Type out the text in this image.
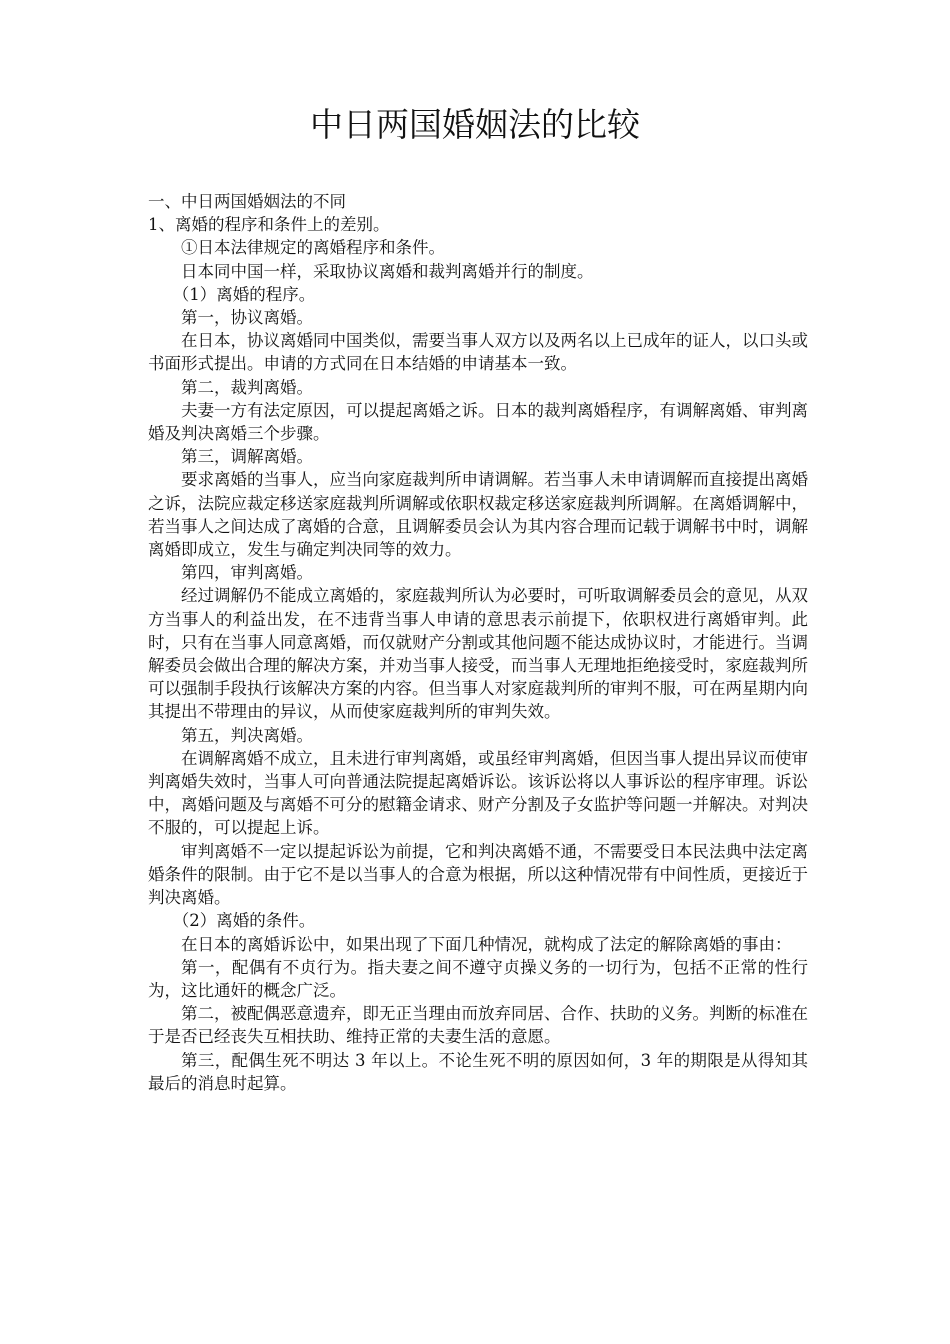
中日两国婚姻法的比较

一、中日两国婚姻法的不同

1、离婚的程序和条件上的差别。

①日本法律规定的离婚程序和条件。

日本同中国一样，采取协议离婚和裁判离婚并行的制度。

（1）离婚的程序。

第一，协议离婚。

在日本，协议离婚同中国类似，需要当事人双方以及两名以上已成年的证人，以口头或书面形式提出。申请的方式同在日本结婚的申请基本一致。

第二，裁判离婚。

夫妻一方有法定原因，可以提起离婚之诉。日本的裁判离婚程序，有调解离婚、审判离婚及判决离婚三个步骤。

第三，调解离婚。

要求离婚的当事人，应当向家庭裁判所申请调解。若当事人未申请调解而直接提出离婚之诉，法院应裁定移送家庭裁判所调解或依职权裁定移送家庭裁判所调解。在离婚调解中，若当事人之间达成了离婚的合意，且调解委员会认为其内容合理而记载于调解书中时，调解离婚即成立，发生与确定判决同等的效力。

第四，审判离婚。

经过调解仍不能成立离婚的，家庭裁判所认为必要时，可听取调解委员会的意见，从双方当事人的利益出发，在不违背当事人申请的意思表示前提下，依职权进行离婚审判。此时，只有在当事人同意离婚，而仅就财产分割或其他问题不能达成协议时，才能进行。当调解委员会做出合理的解决方案，并劝当事人接受，而当事人无理地拒绝接受时，家庭裁判所可以强制手段执行该解决方案的内容。但当事人对家庭裁判所的审判不服，可在两星期内向其提出不带理由的异议，从而使家庭裁判所的审判失效。

第五，判决离婚。

在调解离婚不成立，且未进行审判离婚，或虽经审判离婚，但因当事人提出异议而使审判离婚失效时，当事人可向普通法院提起离婚诉讼。该诉讼将以人事诉讼的程序审理。诉讼中，离婚问题及与离婚不可分的慰籍金请求、财产分割及子女监护等问题一并解决。对判决不服的，可以提起上诉。

审判离婚不一定以提起诉讼为前提，它和判决离婚不通，不需要受日本民法典中法定离婚条件的限制。由于它不是以当事人的合意为根据，所以这种情况带有中间性质，更接近于判决离婚。

（2）离婚的条件。

在日本的离婚诉讼中，如果出现了下面几种情况，就构成了法定的解除离婚的事由：

第一，配偶有不贞行为。指夫妻之间不遵守贞操义务的一切行为，包括不正常的性行为，这比通奸的概念广泛。

第二，被配偶恶意遗弃，即无正当理由而放弃同居、合作、扶助的义务。判断的标准在于是否已经丧失互相扶助、维持正常的夫妻生活的意愿。

第三，配偶生死不明达 3 年以上。不论生死不明的原因如何，3 年的期限是从得知其最后的消息时起算。
